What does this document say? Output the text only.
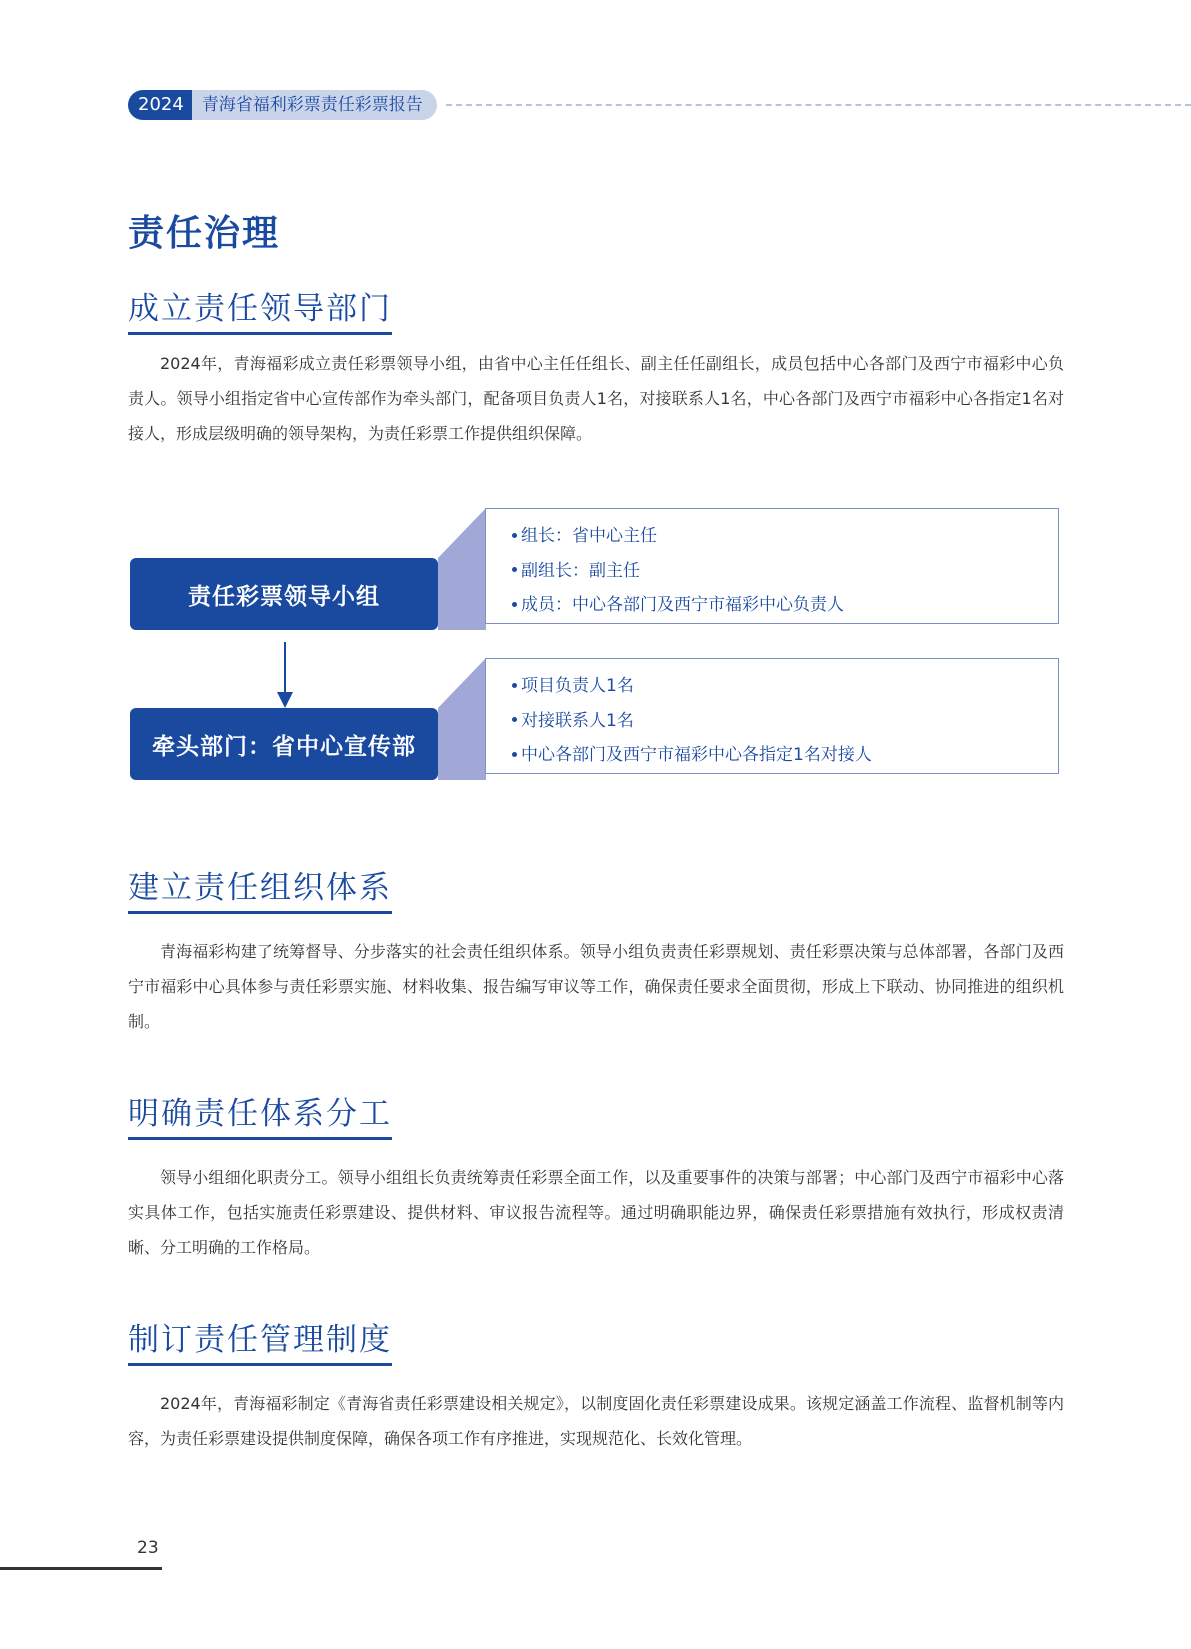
2024	青海省福利彩票责任彩票报告
责任治理
成立责任领导部门

2024年，青海福彩成立责任彩票领导小组，由省中心主任任组长、副主任任副组长，成员包括中心各部门及西宁市福彩中心负责人。领导小组指定省中心宣传部作为牵头部门，配备项目负责人1名，对接联系人1名，中心各部门及西宁市福彩中心各指定1名对接人，形成层级明确的领导架构，为责任彩票工作提供组织保障。

责任彩票领导小组
组长：省中心主任
副组长：副主任
成员：中心各部门及西宁市福彩中心负责人
牵头部门：省中心宣传部
项目负责人1名
对接联系人1名
中心各部门及西宁市福彩中心各指定1名对接人
建立责任组织体系

青海福彩构建了统筹督导、分步落实的社会责任组织体系。领导小组负责责任彩票规划、责任彩票决策与总体部署，各部门及西宁市福彩中心具体参与责任彩票实施、材料收集、报告编写审议等工作，确保责任要求全面贯彻，形成上下联动、协同推进的组织机制。

明确责任体系分工

领导小组细化职责分工。领导小组组长负责统筹责任彩票全面工作，以及重要事件的决策与部署；中心部门及西宁市福彩中心落实具体工作，包括实施责任彩票建设、提供材料、审议报告流程等。通过明确职能边界，确保责任彩票措施有效执行，形成权责清晰、分工明确的工作格局。

制订责任管理制度

2024年，青海福彩制定《青海省责任彩票建设相关规定》，以制度固化责任彩票建设成果。该规定涵盖工作流程、监督机制等内容，为责任彩票建设提供制度保障，确保各项工作有序推进，实现规范化、长效化管理。

23
